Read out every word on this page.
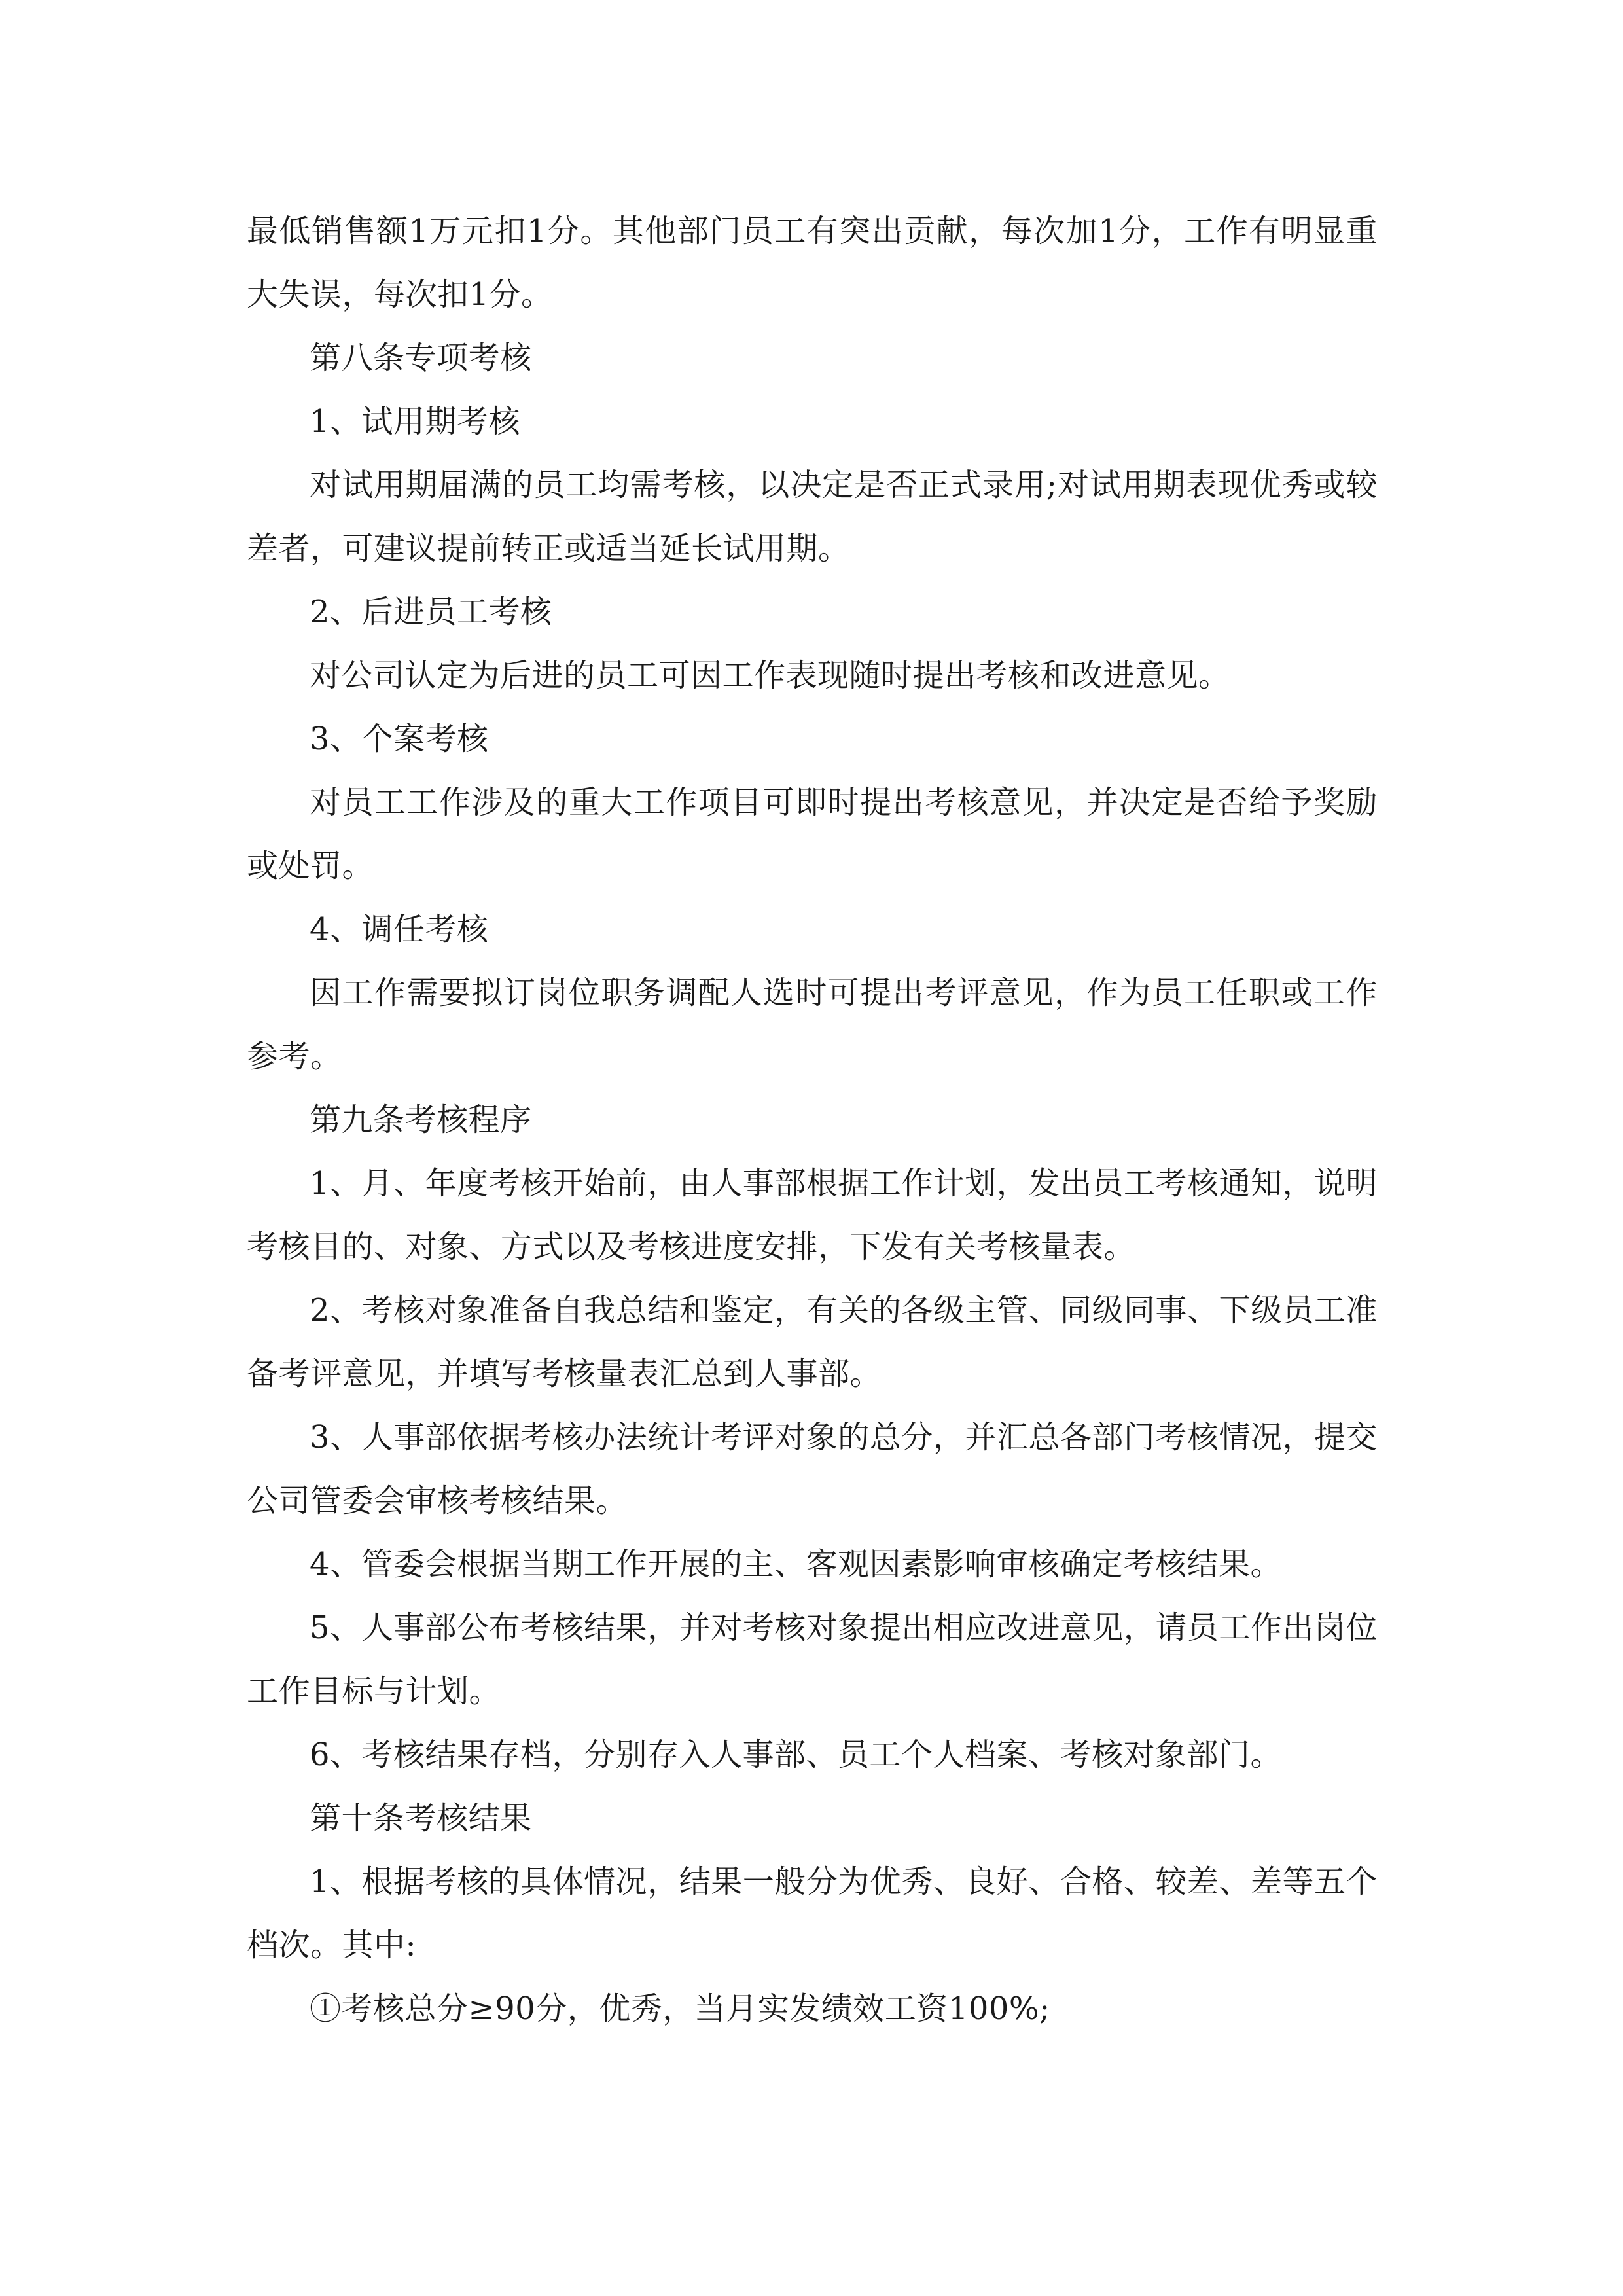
最低销售额1万元扣1分。其他部门员工有突出贡献，每次加1分，工作有明显重大失误，每次扣1分。

第八条专项考核

1、试用期考核

对试用期届满的员工均需考核，以决定是否正式录用;对试用期表现优秀或较差者，可建议提前转正或适当延长试用期。

2、后进员工考核

对公司认定为后进的员工可因工作表现随时提出考核和改进意见。

3、个案考核

对员工工作涉及的重大工作项目可即时提出考核意见，并决定是否给予奖励或处罚。

4、调任考核

因工作需要拟订岗位职务调配人选时可提出考评意见，作为员工任职或工作参考。

第九条考核程序

1、月、年度考核开始前，由人事部根据工作计划，发出员工考核通知，说明考核目的、对象、方式以及考核进度安排，下发有关考核量表。

2、考核对象准备自我总结和鉴定，有关的各级主管、同级同事、下级员工准备考评意见，并填写考核量表汇总到人事部。

3、人事部依据考核办法统计考评对象的总分，并汇总各部门考核情况，提交公司管委会审核考核结果。

4、管委会根据当期工作开展的主、客观因素影响审核确定考核结果。

5、人事部公布考核结果，并对考核对象提出相应改进意见，请员工作出岗位工作目标与计划。

6、考核结果存档，分别存入人事部、员工个人档案、考核对象部门。

第十条考核结果

1、根据考核的具体情况，结果一般分为优秀、良好、合格、较差、差等五个档次。其中:

①考核总分≥90分，优秀，当月实发绩效工资100%;
